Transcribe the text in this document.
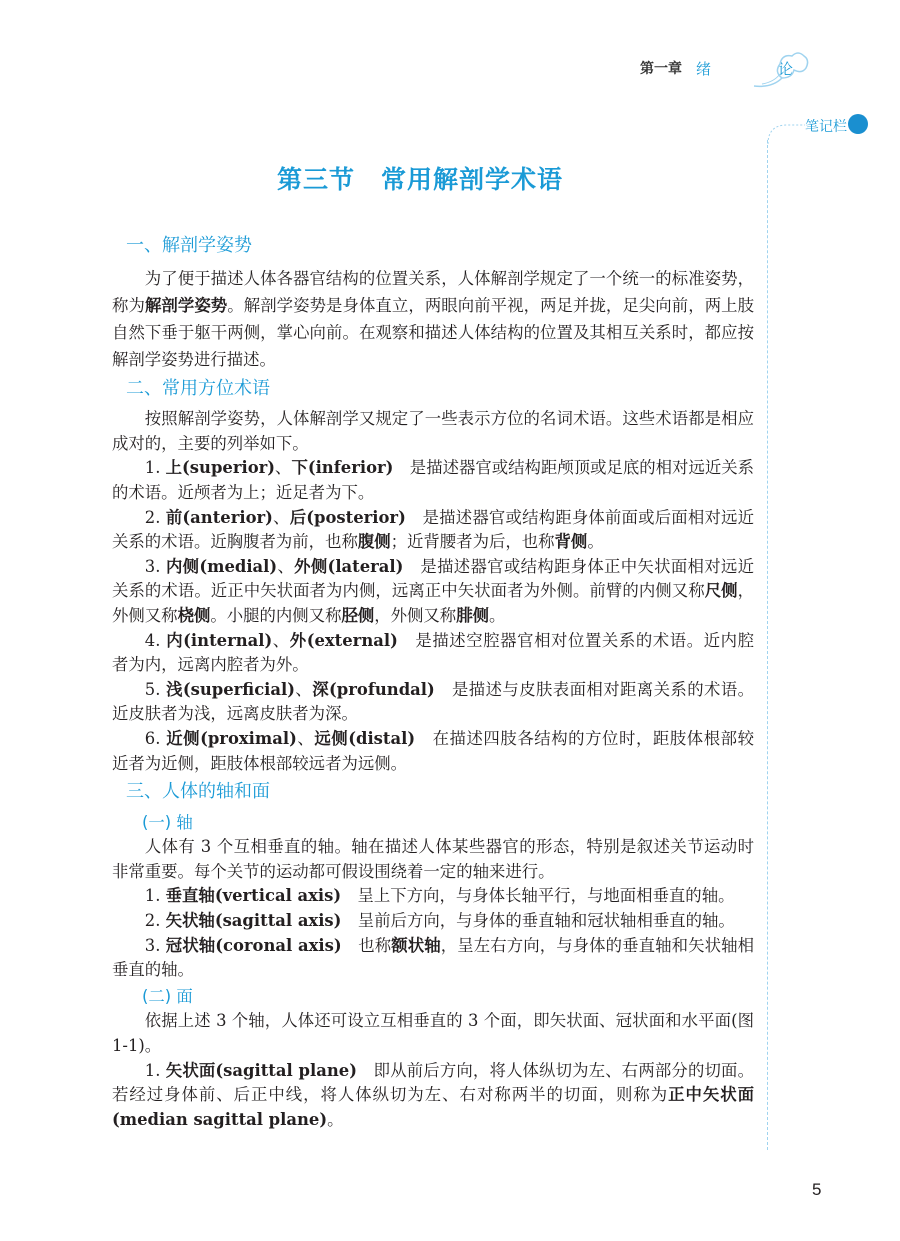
第一章 绪　论
笔记栏
第三节　常用解剖学术语
一、解剖学姿势

为了便于描述人体各器官结构的位置关系，人体解剖学规定了一个统一的标准姿势，称为解剖学姿势。解剖学姿势是身体直立，两眼向前平视，两足并拢，足尖向前，两上肢自然下垂于躯干两侧，掌心向前。在观察和描述人体结构的位置及其相互关系时，都应按解剖学姿势进行描述。

二、常用方位术语

按照解剖学姿势，人体解剖学又规定了一些表示方位的名词术语。这些术语都是相应成对的，主要的列举如下。

1. 上(superior)、下(inferior)　是描述器官或结构距颅顶或足底的相对远近关系的术语。近颅者为上；近足者为下。

2. 前(anterior)、后(posterior)　是描述器官或结构距身体前面或后面相对远近关系的术语。近胸腹者为前，也称腹侧；近背腰者为后，也称背侧。

3. 内侧(medial)、外侧(lateral)　是描述器官或结构距身体正中矢状面相对远近关系的术语。近正中矢状面者为内侧，远离正中矢状面者为外侧。前臂的内侧又称尺侧，外侧又称桡侧。小腿的内侧又称胫侧，外侧又称腓侧。

4. 内(internal)、外(external)　是描述空腔器官相对位置关系的术语。近内腔者为内，远离内腔者为外。

5. 浅(superficial)、深(profundal)　是描述与皮肤表面相对距离关系的术语。近皮肤者为浅，远离皮肤者为深。

6. 近侧(proximal)、远侧(distal)　在描述四肢各结构的方位时，距肢体根部较近者为近侧，距肢体根部较远者为远侧。

三、人体的轴和面
(一) 轴

人体有 3 个互相垂直的轴。轴在描述人体某些器官的形态，特别是叙述关节运动时非常重要。每个关节的运动都可假设围绕着一定的轴来进行。

1. 垂直轴(vertical axis)　呈上下方向，与身体长轴平行，与地面相垂直的轴。

2. 矢状轴(sagittal axis)　呈前后方向，与身体的垂直轴和冠状轴相垂直的轴。

3. 冠状轴(coronal axis)　也称额状轴，呈左右方向，与身体的垂直轴和矢状轴相垂直的轴。

(二) 面

依据上述 3 个轴，人体还可设立互相垂直的 3 个面，即矢状面、冠状面和水平面(图 1-1)。

1. 矢状面(sagittal plane)　即从前后方向，将人体纵切为左、右两部分的切面。若经过身体前、后正中线，将人体纵切为左、右对称两半的切面，则称为正中矢状面(median sagittal plane)。

5
